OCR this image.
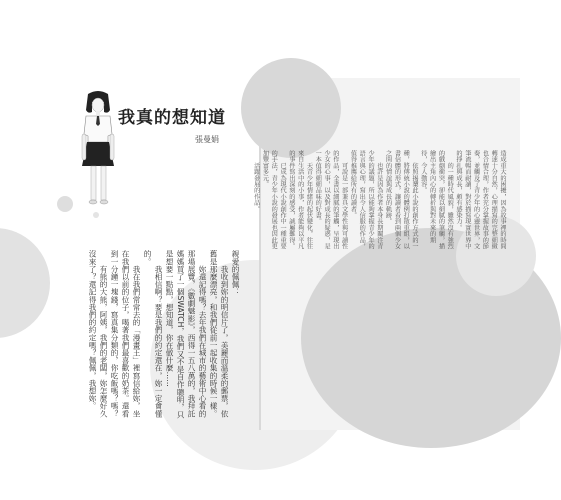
我真的想知道
張曼娟
親愛的佩佩：
　　我收到妳的明信片了，美麗而溫柔的郵票，依舊是那麼漂亮，和我們從前一起收集的時候一樣。
　　妳還記得嗎？去年我們在城市的藝術中心看的那場展覽，《數劇魅影》，西得一五八萬的，我拜託媽媽買了一個SWATCH，我們又不是自作聰明，只是想要一點點，想知道，你在做什麼……
　　我相信啊？要是我們的約定還在，妳一定會懂的。
　　我在我們常常去的「漫畫王」裡寫信給妳，坐在我們以前的位子，喝著我們最喜歡的奶茶。還看到一分鐘一塊錢，寫真集分類的，你吃飯嗎？嗎？
　　有熊的大熊，阿姨，我們的老闆，妳怎麼好久沒來了？還記得我們的約定嗎？佩佩，我想妳。
造成重大的困擾，因為故事裡的時間轉速十分自然，心理描寫的完整細緻也合情合理，作者充分掌握故事的節奏，並觸及了青少年的心靈世界，文筆流暢而耐讀，對於描寫現實世界中的掙扎與成長，頗有感染力。
　　的一種時代風貌，雖然沒有強烈的戲劇衝突，卻能以細膩的筆觸，描繪出主角內心的轉折與對未來的期待，令人動容。
　　依照揭櫫此小說的創作方式的一種，將傳統小說的體例打散重組，以書信體的形式，讓讀者看到兩個少女之間的情誼與成長的軌跡。
　　也許是因為作者本身長期關注青少年的議題，所以能夠掌握青少年的語言與心理，寫出令人信服的作品，值得推薦給所有的讀者。
　　可說是一部兼具文學性與可讀性的作品，全書以細膩的筆觸，呈現出少女的心事，以及對成長的疑惑，是一本值得細細品味的好書。
　　天青少年情緒的起伏變化，往往來自生活中的小事，作者能夠以平凡的事件寫出深刻的感受，誠屬難得。
　　已成為現代小說創作中一種重要的手法，青少年小說的發展也因此更加豐富多元。
　　活躍發展的作品。
